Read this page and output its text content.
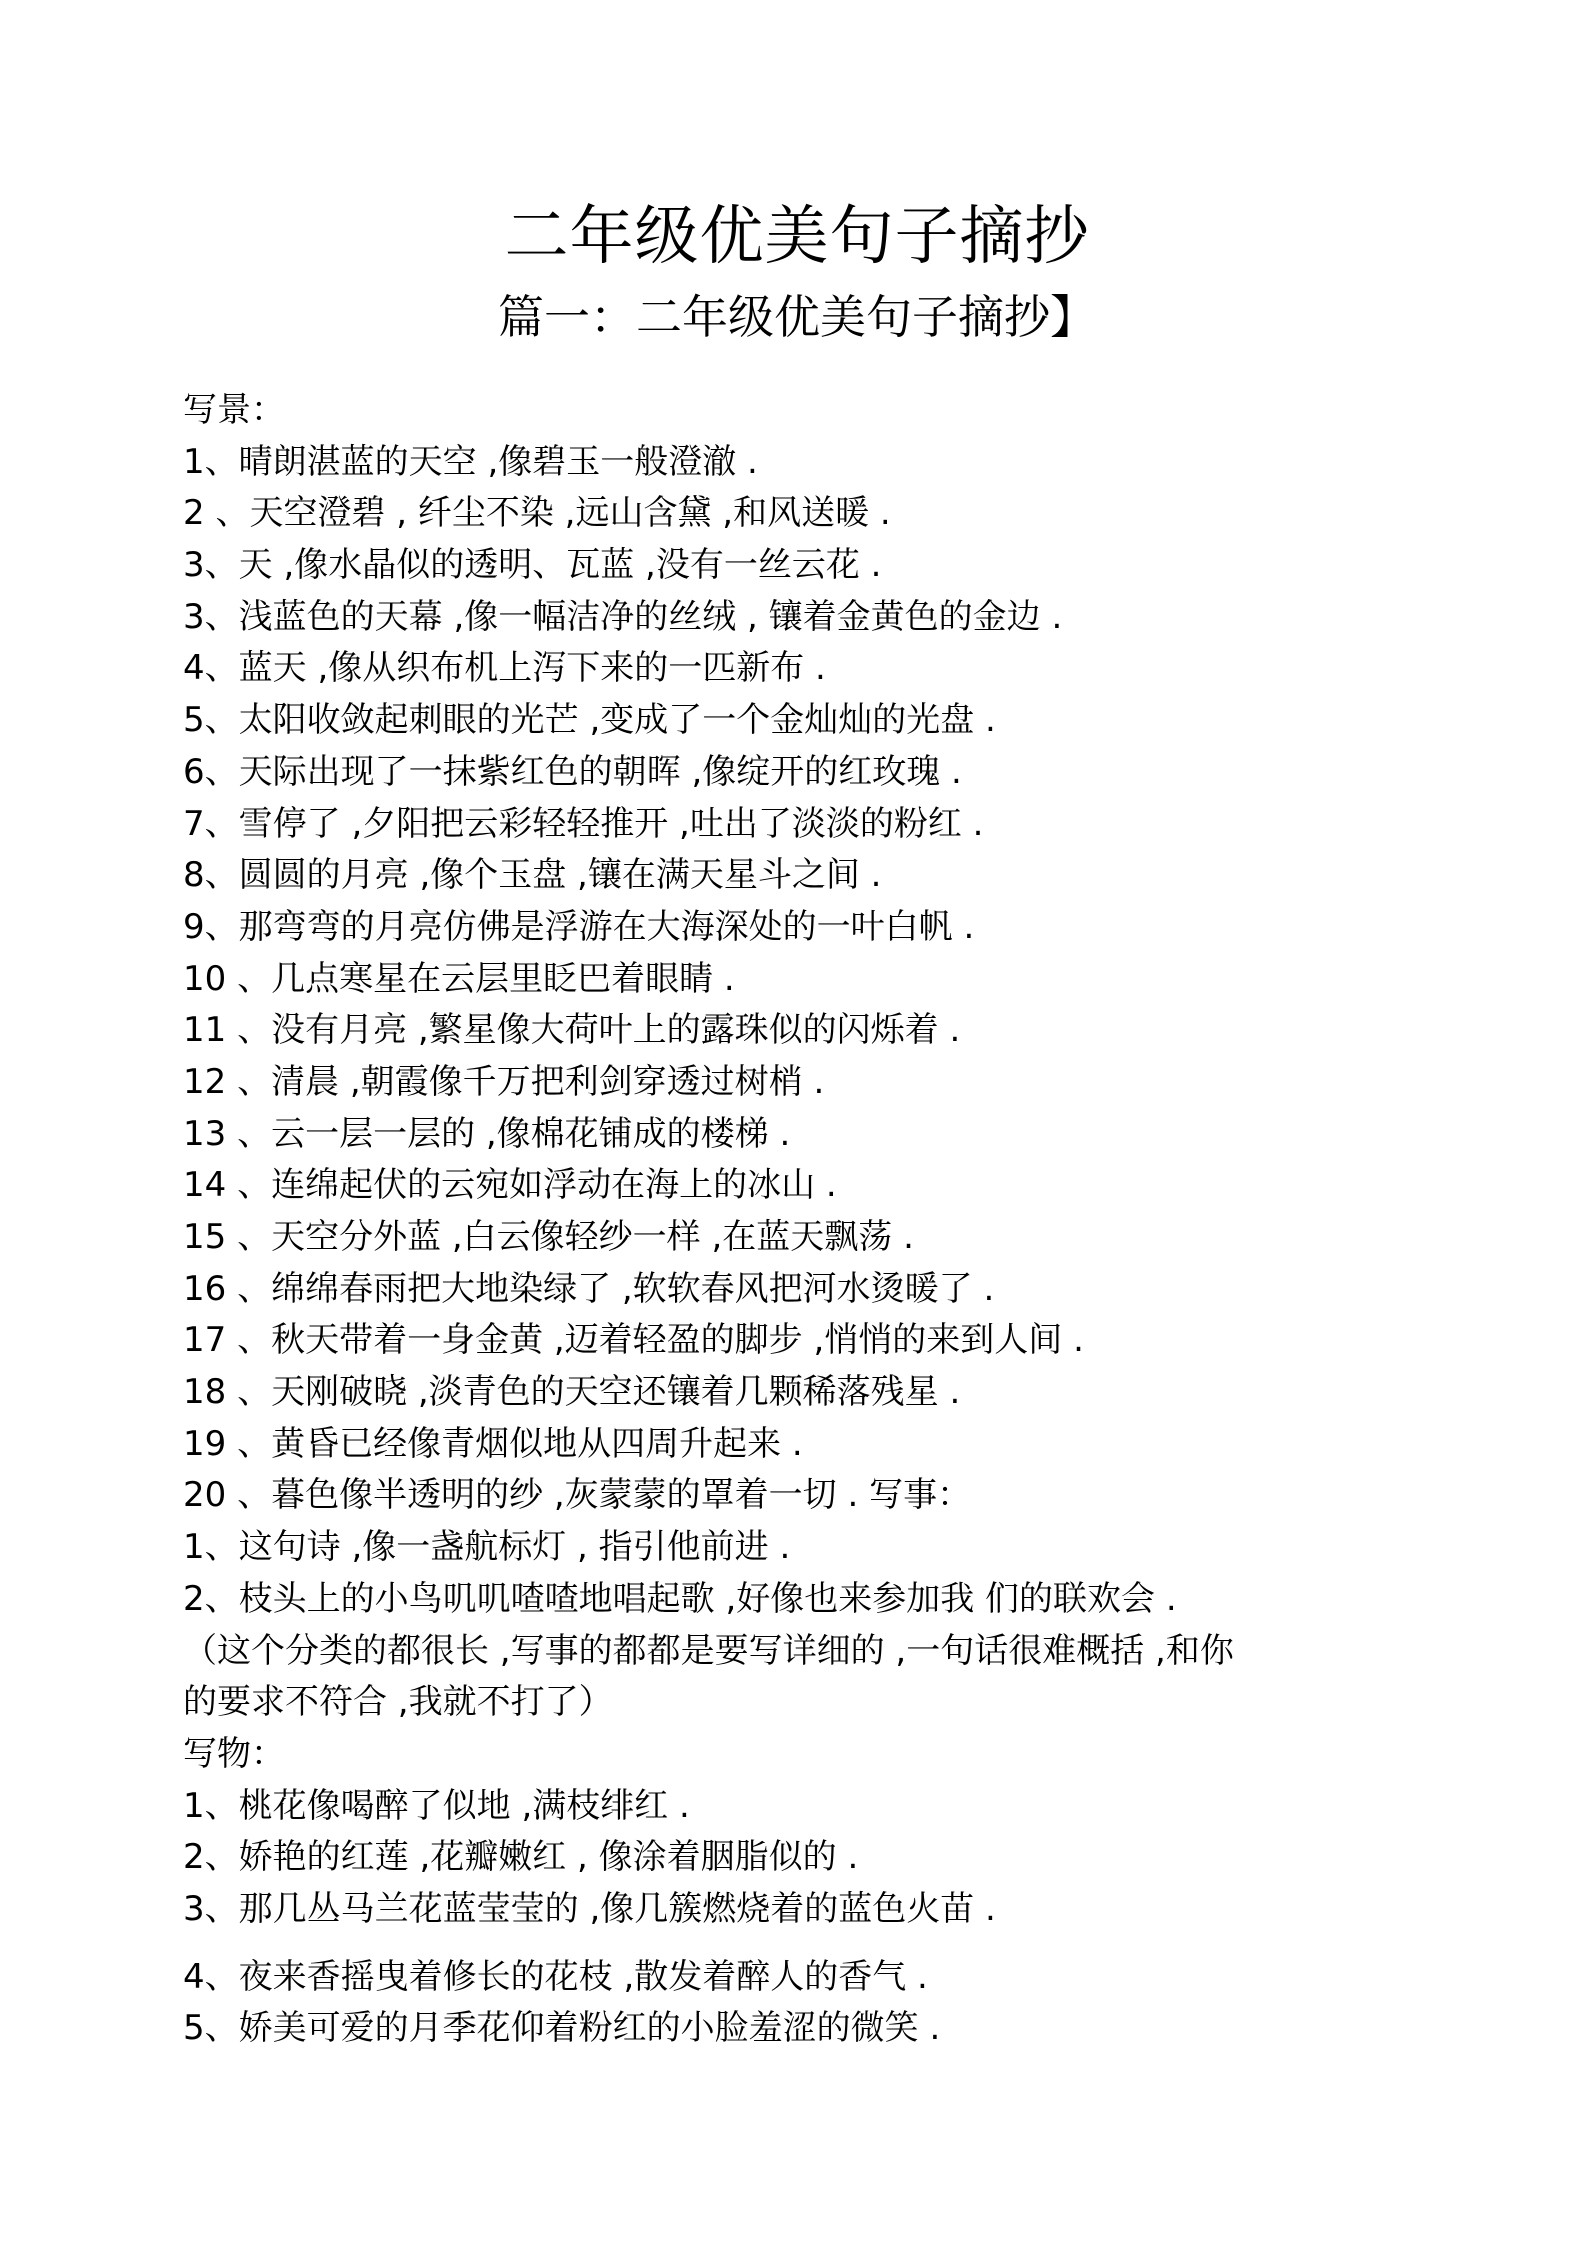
二年级优美句子摘抄
篇一：二年级优美句子摘抄】
写景：
1、晴朗湛蓝的天空 ,像碧玉一般澄澈 .
2 、天空澄碧 , 纤尘不染 ,远山含黛 ,和风送暖 .
3、天 ,像水晶似的透明、瓦蓝 ,没有一丝云花 .
3、浅蓝色的天幕 ,像一幅洁净的丝绒 , 镶着金黄色的金边 .
4、蓝天 ,像从织布机上泻下来的一匹新布 .
5、太阳收敛起刺眼的光芒 ,变成了一个金灿灿的光盘 .
6、天际出现了一抹紫红色的朝晖 ,像绽开的红玫瑰 .
7、雪停了 ,夕阳把云彩轻轻推开 ,吐出了淡淡的粉红 .
8、圆圆的月亮 ,像个玉盘 ,镶在满天星斗之间 .
9、那弯弯的月亮仿佛是浮游在大海深处的一叶白帆 .
10 、几点寒星在云层里眨巴着眼睛 .
11 、没有月亮 ,繁星像大荷叶上的露珠似的闪烁着 .
12 、清晨 ,朝霞像千万把利剑穿透过树梢 .
13 、云一层一层的 ,像棉花铺成的楼梯 .
14 、连绵起伏的云宛如浮动在海上的冰山 .
15 、天空分外蓝 ,白云像轻纱一样 ,在蓝天飘荡 .
16 、绵绵春雨把大地染绿了 ,软软春风把河水烫暖了 .
17 、秋天带着一身金黄 ,迈着轻盈的脚步 ,悄悄的来到人间 .
18 、天刚破晓 ,淡青色的天空还镶着几颗稀落残星 .
19 、黄昏已经像青烟似地从四周升起来 .
20 、暮色像半透明的纱 ,灰蒙蒙的罩着一切 . 写事：
1、这句诗 ,像一盏航标灯 , 指引他前进 .
2、枝头上的小鸟叽叽喳喳地唱起歌 ,好像也来参加我 们的联欢会 .
（这个分类的都很长 ,写事的都都是要写详细的 ,一句话很难概括 ,和你
的要求不符合 ,我就不打了）
写物：
1、桃花像喝醉了似地 ,满枝绯红 .
2、娇艳的红莲 ,花瓣嫩红 , 像涂着胭脂似的 .
3、那几丛马兰花蓝莹莹的 ,像几簇燃烧着的蓝色火苗 .
4、夜来香摇曳着修长的花枝 ,散发着醉人的香气 .
5、娇美可爱的月季花仰着粉红的小脸羞涩的微笑 .
